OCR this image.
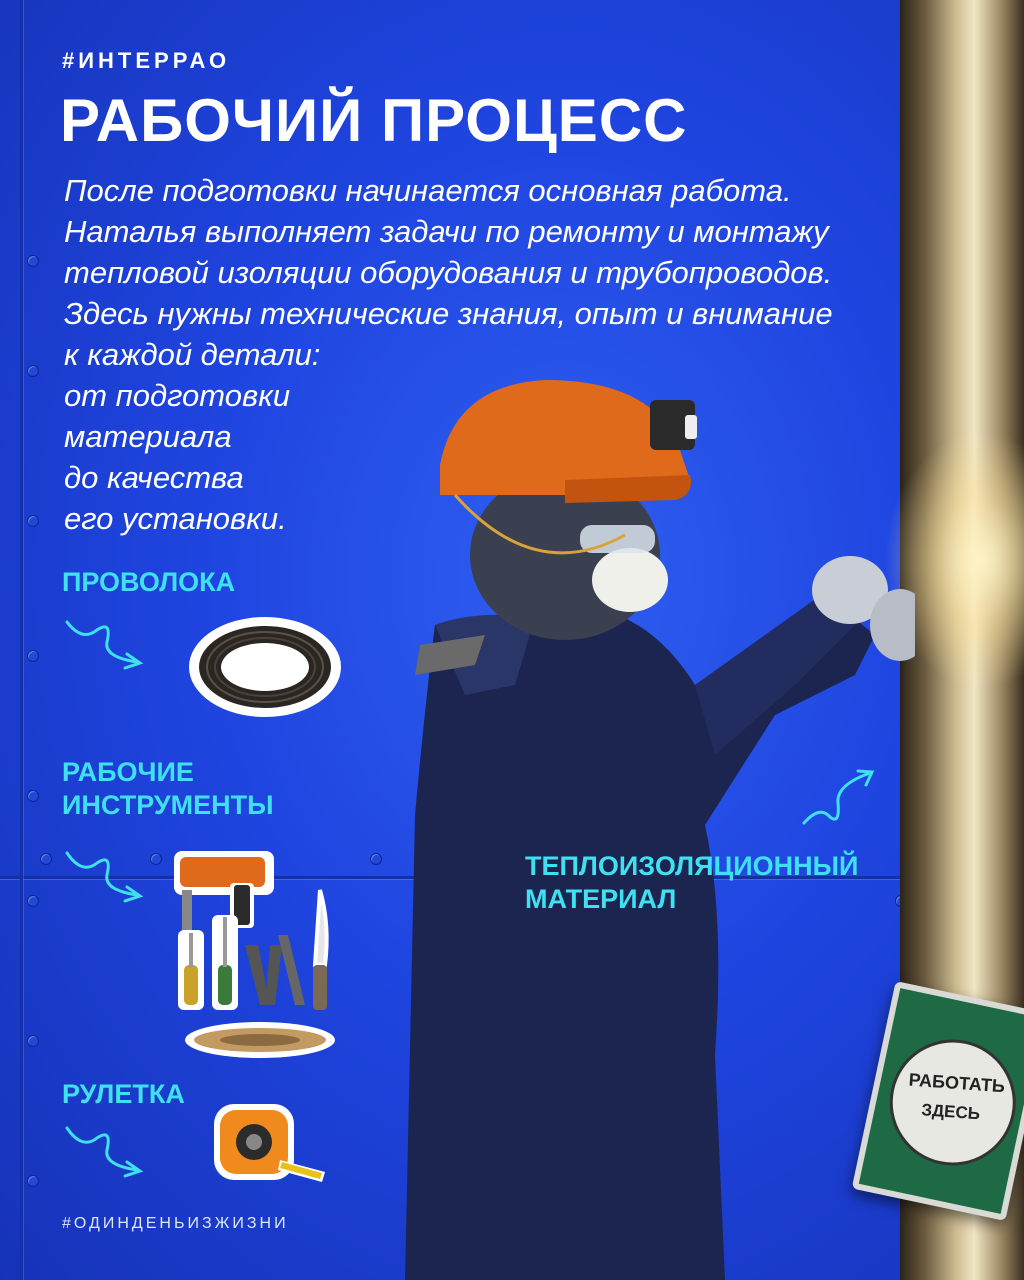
#ИНТЕРРАО
РАБОЧИЙ ПРОЦЕСС
После подготовки начинается основная работа.
Наталья выполняет задачи по ремонту и монтажу
тепловой изоляции оборудования и трубопроводов.
Здесь нужны технические знания, опыт и внимание
к каждой детали:
от подготовки
материала
до качества
его установки.
ПРОВОЛОКА
РАБОЧИЕ
ИНСТРУМЕНТЫ
РУЛЕТКА
ТЕПЛОИЗОЛЯЦИОННЫЙ
МАТЕРИАЛ
РАБОТАТЬ
ЗДЕСЬ
#ОДИНДЕНЬИЗЖИЗНИ
